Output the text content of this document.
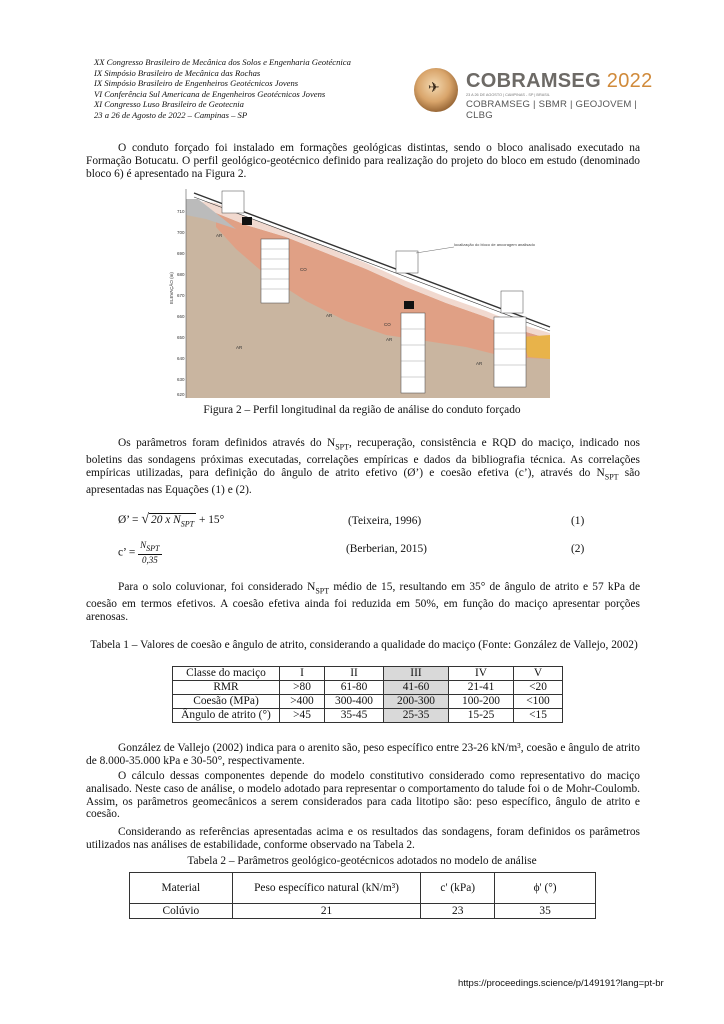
XX Congresso Brasileiro de Mecânica dos Solos e Engenharia Geotécnica
IX Simpósio Brasileiro de Mecânica das Rochas
IX Simpósio Brasileiro de Engenheiros Geotécnicos Jovens
VI Conferência Sul Americana de Engenheiros Geotécnicos Jovens
XI Congresso Luso Brasileiro de Geotecnia
23 a 26 de Agosto de 2022 – Campinas – SP
✈ COBRAMSEG 2022
23 A 26 DE AGOSTO | CAMPINAS - SP | BRASIL
COBRAMSEG | SBMR | GEOJOVEM | CLBG
O conduto forçado foi instalado em formações geológicas distintas, sendo o bloco analisado executado na Formação Botucatu. O perfil geológico-geotécnico definido para realização do projeto do bloco em estudo (denominado bloco 6) é apresentado na Figura 2.
710
700
690
680
670
660
650
640
630
620
ELEVAÇÃO (m)
localização do bloco de ancoragem analisado
AR
CO
CO
AR
AR
AR
AR
Figura 2 – Perfil longitudinal da região de análise do conduto forçado
Os parâmetros foram definidos através do $N_{SPT}$, recuperação, consistência e RQD do maciço, indicado nos boletins das sondagens próximas executadas, correlações empíricas e dados da bibliografia técnica. As correlações empíricas utilizadas, para definição do ângulo de atrito efetivo (Ø’) e coesão efetiva (c’), através do $N_{SPT}$ são apresentadas nas Equações (1) e (2).
Ø’ = √ 20 x $N_{SPT} + 15^\circ$	(Teixeira, 1996)	(1)
c’ =
$N_{SPT}$
0,35
(Berberian, 2015)	(2)
Para o solo coluvionar, foi considerado $N_{SPT}$ médio de 15, resultando em 35° de ângulo de atrito e 57 kPa de coesão em termos efetivos. A coesão efetiva ainda foi reduzida em 50%, em função do maciço apresentar porções arenosas.
Tabela 1 – Valores de coesão e ângulo de atrito, considerando a qualidade do maciço (Fonte: González de Vallejo, 2002)
Classe do maciço	I	II	III	IV	V
RMR	>80	61-80	41-60	21-41	<20
Coesão (MPa)	>400	300-400	200-300	100-200	<100
Ângulo de atrito (°)	>45	35-45	25-35	15-25	<15
González de Vallejo (2002) indica para o arenito são, peso específico entre 23-26 kN/m³, coesão e ângulo de atrito de 8.000-35.000 kPa e 30-50°, respectivamente.
O cálculo dessas componentes depende do modelo constitutivo considerado como representativo do maciço analisado. Neste caso de análise, o modelo adotado para representar o comportamento do talude foi o de Mohr-Coulomb. Assim, os parâmetros geomecânicos a serem considerados para cada litotipo são: peso específico, ângulo de atrito e coesão.
Considerando as referências apresentadas acima e os resultados das sondagens, foram definidos os parâmetros utilizados nas análises de estabilidade, conforme observado na Tabela 2.
Tabela 2 – Parâmetros geológico-geotécnicos adotados no modelo de análise
Material	Peso específico natural (kN/m³)	c' (kPa)	ϕ' (°)
Colúvio	21	23	35
https://proceedings.science/p/149191?lang=pt-br
